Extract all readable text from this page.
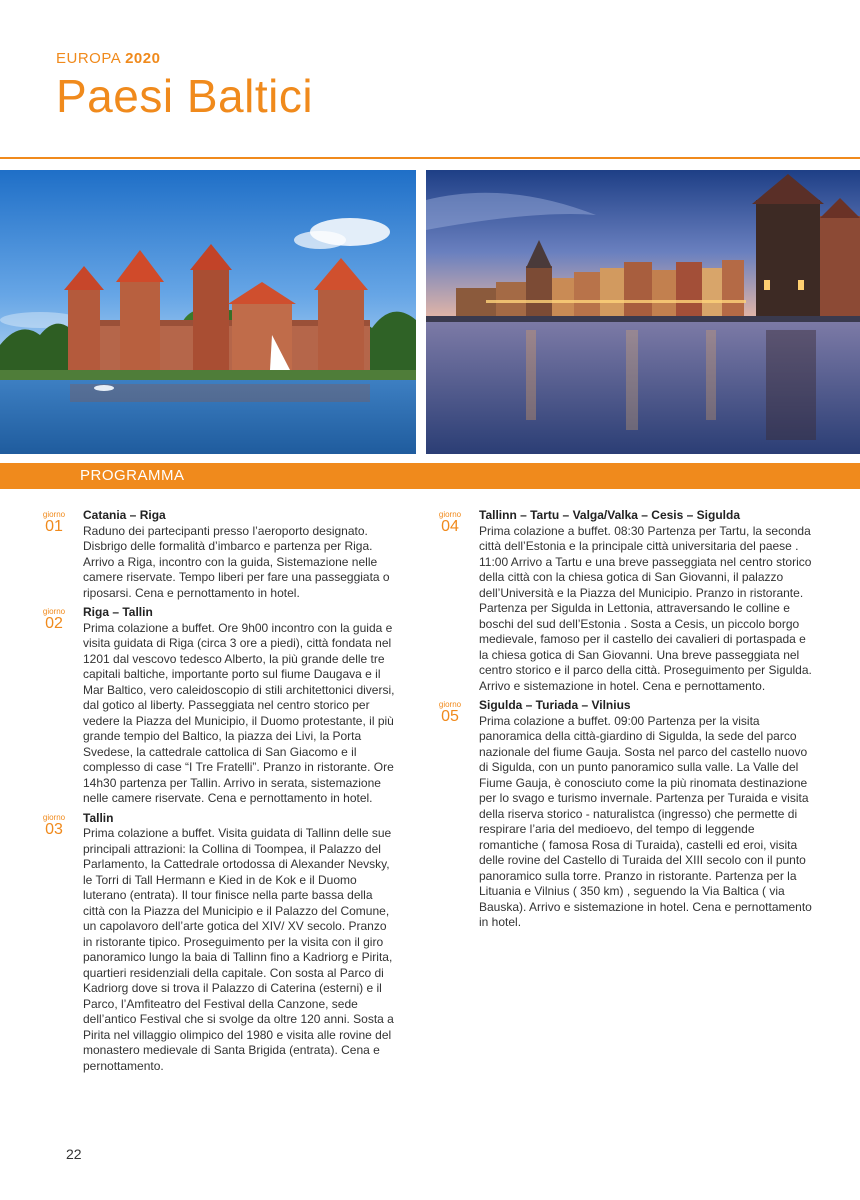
EUROPA 2020
Paesi Baltici
PROGRAMMA
giorno
01
Catania – Riga
Raduno dei partecipanti presso l’aeroporto designato. Disbrigo delle formalità d’imbarco e partenza per Riga. Arrivo a Riga, incontro con la guida, Sistemazione nelle camere riservate. Tempo liberi per fare una passeggiata o riposarsi. Cena e pernottamento in hotel.
giorno
02
Riga – Tallin
Prima colazione a buffet. Ore 9h00 incontro con la guida e visita guidata di Riga (circa 3 ore a piedi), città fondata nel 1201 dal vescovo tedesco Alberto, la più grande delle tre capitali baltiche, importante porto sul fiume Daugava e il Mar Baltico, vero caleidoscopio di stili architettonici diversi, dal gotico al liberty. Passeggiata nel centro storico per vedere la Piazza del Municipio, il Duomo protestante, il più grande tempio del Baltico, la piazza dei Livi, la Porta Svedese, la cattedrale cattolica di San Giacomo e il complesso di case “I Tre Fratelli”. Pranzo in ristorante. Ore 14h30 partenza per Tallin. Arrivo in serata, sistemazione nelle camere riservate. Cena e pernottamento in hotel.
giorno
03
Tallin
Prima colazione a buffet. Visita guidata di Tallinn delle sue principali attrazioni: la Collina di Toompea, il Palazzo del Parlamento, la Cattedrale ortodossa di Alexander Nevsky, le Torri di Tall Hermann e Kied in de Kok e il Duomo luterano (entrata). Il tour finisce nella parte bassa della città con la Piazza del Municipio e il Palazzo del Comune, un capolavoro dell’arte gotica del XIV/ XV secolo. Pranzo in ristorante tipico. Proseguimento per la visita con il giro panoramico lungo la baia di Tallinn fino a Kadriorg e Pirita, quartieri residenziali della capitale. Con sosta al Parco di Kadriorg dove si trova il Palazzo di Caterina (esterni) e il Parco, l’Amfiteatro del Festival della Canzone, sede dell’antico Festival che si svolge da oltre 120 anni. Sosta a Pirita nel villaggio olimpico del 1980 e visita alle rovine del monastero medievale di Santa Brigida (entrata). Cena e pernottamento.
giorno
04
Tallinn – Tartu – Valga/Valka – Cesis – Sigulda
Prima colazione a buffet. 08:30 Partenza per Tartu, la seconda città dell’Estonia e la principale città universitaria del paese . 11:00 Arrivo a Tartu e una breve passeggiata nel centro storico della città con la chiesa gotica di San Giovanni, il palazzo dell’Università e la Piazza del Municipio. Pranzo in ristorante. Partenza per Sigulda in Lettonia, attraversando le colline e boschi del sud dell’Estonia . Sosta a Cesis, un piccolo borgo medievale, famoso per il castello dei cavalieri di portaspada e la chiesa gotica di San Giovanni. Una breve passeggiata nel centro storico e il parco della città. Proseguimento per Sigulda. Arrivo e sistemazione in hotel. Cena e pernottamento.
giorno
05
Sigulda – Turiada – Vilnius
Prima colazione a buffet. 09:00 Partenza per la visita panoramica della città-giardino di Sigulda, la sede del parco nazionale del fiume Gauja. Sosta nel parco del castello nuovo di Sigulda, con un punto panoramico sulla valle. La Valle del Fiume Gauja, è conosciuto come la più rinomata destinazione per lo svago e turismo invernale. Partenza per Turaida e visita della riserva storico - naturalistca (ingresso) che permette di respirare l’aria del medioevo, del tempo di leggende romantiche ( famosa Rosa di Turaida), castelli ed eroi, visita delle rovine del Castello di Turaida del XIII secolo con il punto panoramico sulla torre. Pranzo in ristorante. Partenza per la Lituania e Vilnius ( 350 km) , seguendo la Via Baltica ( via Bauska). Arrivo e sistemazione in hotel. Cena e pernottamento in hotel.
22
